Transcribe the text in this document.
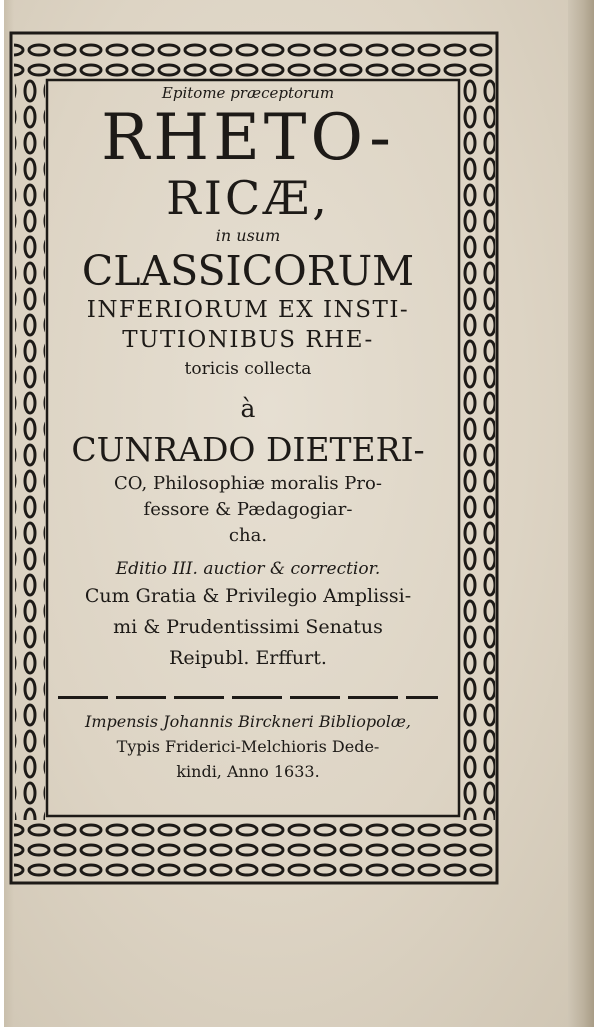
Epitome præceptorum
RHETO-
RICÆ,
in usum
CLASSICORUM
INFERIORUM EX INSTI-
TUTIONIBUS RHE-
toricis collecta
à
CUNRADO DIETERI-
CO, Philosophiæ moralis Pro-
fessore & Pædagogiar-
cha.
Editio III. auctior & correctior.
Cum Gratia & Privilegio Amplissi-
mi & Prudentissimi Senatus
Reipubl. Erffurt.
Impensis Johannis Birckneri Bibliopolæ,
Typis Friderici-Melchioris Dede-
kindi, Anno 1633.
